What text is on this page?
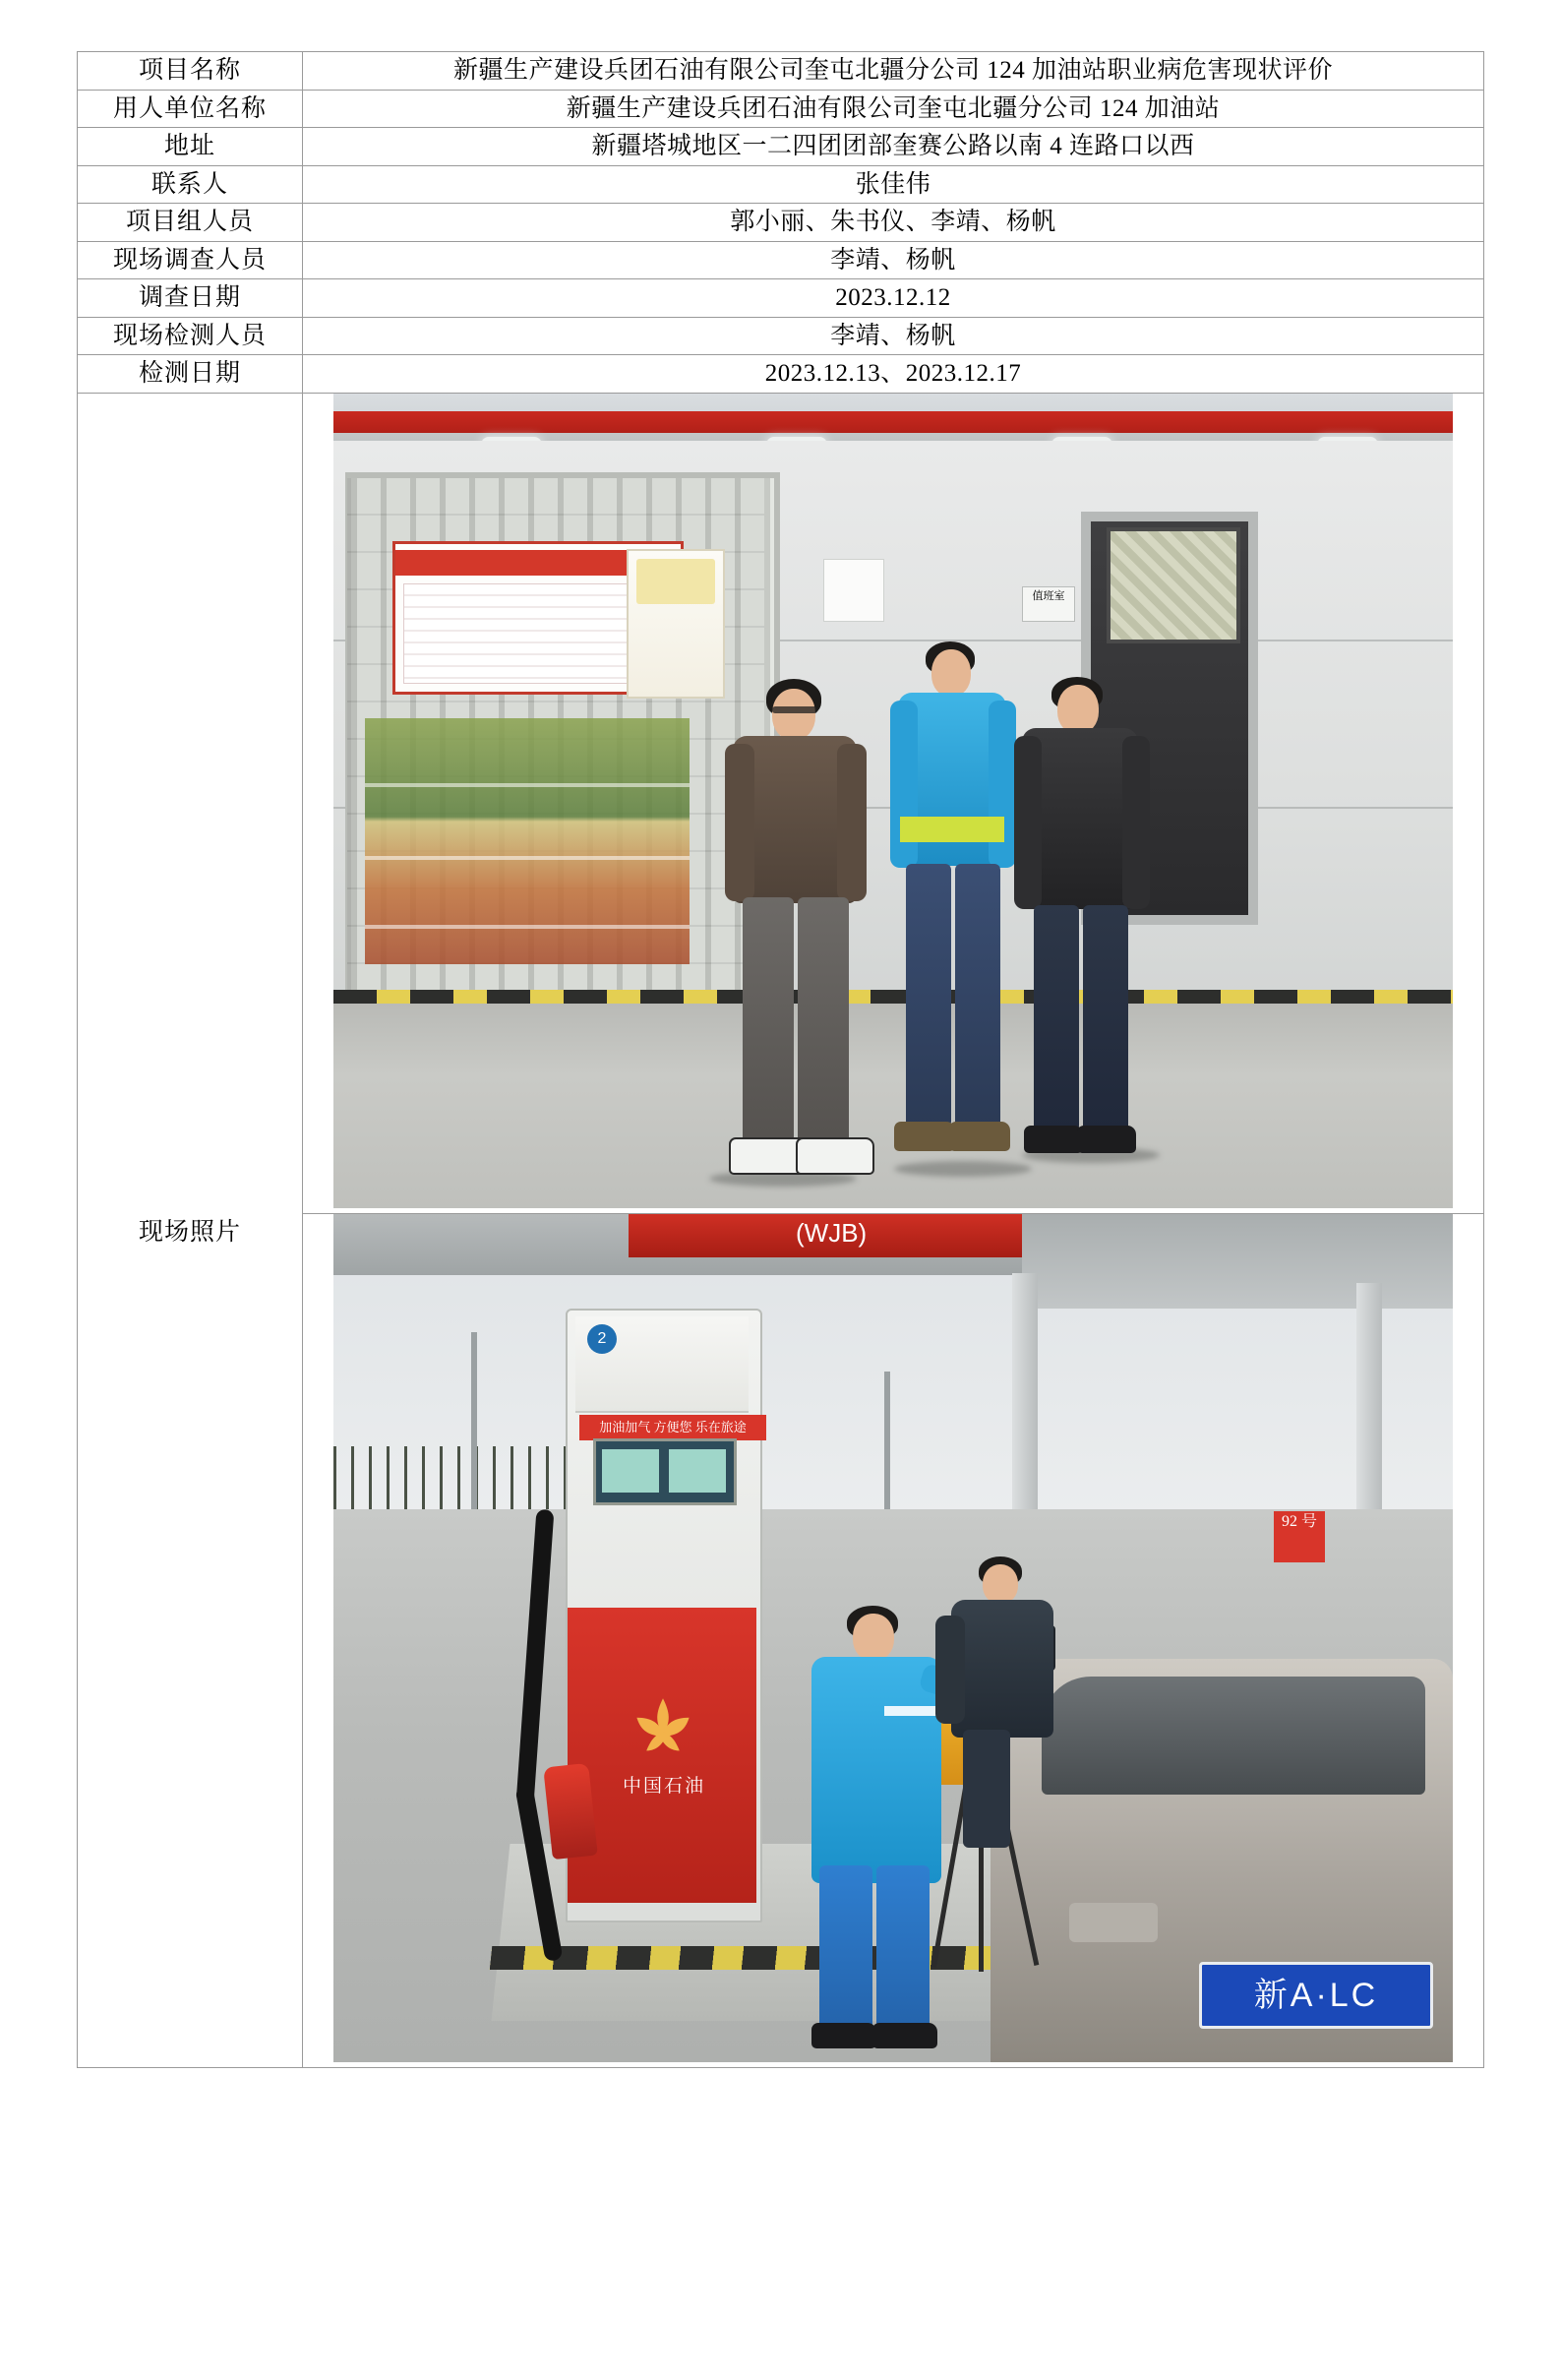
项目名称	新疆生产建设兵团石油有限公司奎屯北疆分公司 124 加油站职业病危害现状评价
用人单位名称	新疆生产建设兵团石油有限公司奎屯北疆分公司 124 加油站
地址	新疆塔城地区一二四团团部奎赛公路以南 4 连路口以西
联系人	张佳伟
项目组人员	郭小丽、朱书仪、李靖、杨帆
现场调查人员	李靖、杨帆
调查日期	2023.12.12
现场检测人员	李靖、杨帆
检测日期	2023.12.13、2023.12.17
现场照片	值班室

(WJB)
2
加油加气 方便您 乐在旅途
中国石油
92 号
新A·LC
